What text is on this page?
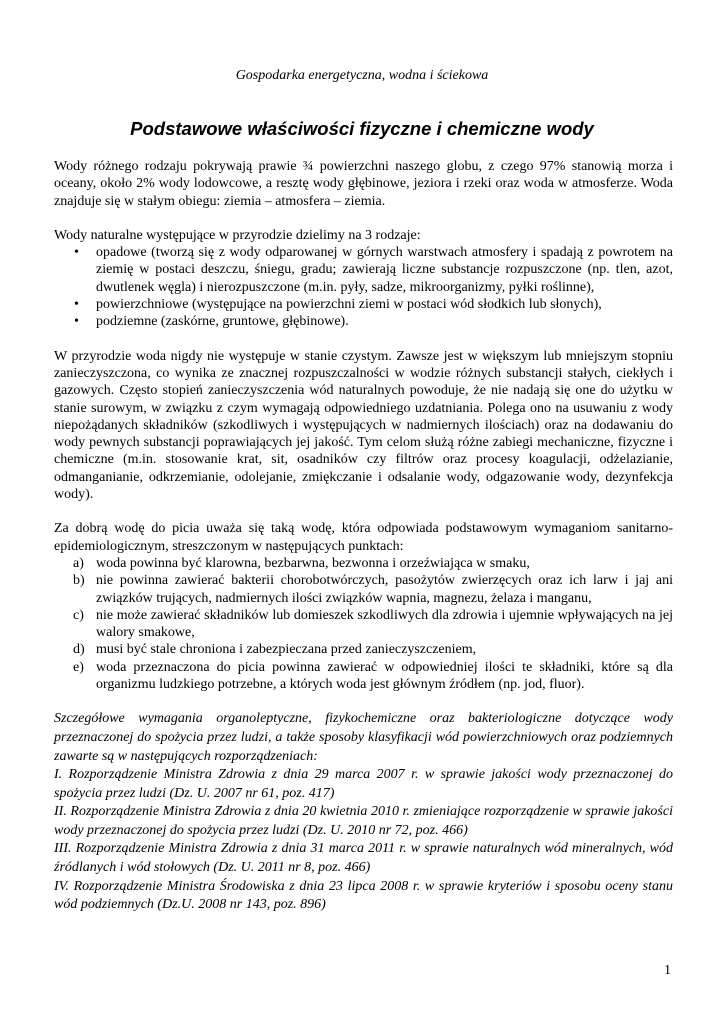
Gospodarka energetyczna, wodna i ściekowa
Podstawowe właściwości fizyczne i chemiczne wody

Wody różnego rodzaju pokrywają prawie ¾ powierzchni naszego globu, z czego 97% stanowią morza i oceany, około 2% wody lodowcowe, a resztę wody głębinowe, jeziora i rzeki oraz woda w atmosferze. Woda znajduje się w stałym obiegu: ziemia – atmosfera – ziemia.

Wody naturalne występujące w przyrodzie dzielimy na 3 rodzaje:

• opadowe (tworzą się z wody odparowanej w górnych warstwach atmosfery i spadają z powrotem na ziemię w postaci deszczu, śniegu, gradu; zawierają liczne substancje rozpuszczone (np. tlen, azot, dwutlenek węgla) i nierozpuszczone (m.in. pyły, sadze, mikroorganizmy, pyłki roślinne),
• powierzchniowe (występujące na powierzchni ziemi w postaci wód słodkich lub słonych),
• podziemne (zaskórne, gruntowe, głębinowe).

W przyrodzie woda nigdy nie występuje w stanie czystym. Zawsze jest w większym lub mniejszym stopniu zanieczyszczona, co wynika ze znacznej rozpuszczalności w wodzie różnych substancji stałych, ciekłych i gazowych. Często stopień zanieczyszczenia wód naturalnych powoduje, że nie nadają się one do użytku w stanie surowym, w związku z czym wymagają odpowiedniego uzdatniania. Polega ono na usuwaniu z wody niepożądanych składników (szkodliwych i występujących w nadmiernych ilościach) oraz na dodawaniu do wody pewnych substancji poprawiających jej jakość. Tym celom służą różne zabiegi mechaniczne, fizyczne i chemiczne (m.in. stosowanie krat, sit, osadników czy filtrów oraz procesy koagulacji, odżelazianie, odmanganianie, odkrzemianie, odolejanie, zmiękczanie i odsalanie wody, odgazowanie wody, dezynfekcja wody).

Za dobrą wodę do picia uważa się taką wodę, która odpowiada podstawowym wymaganiom sanitarno-epidemiologicznym, streszczonym w następujących punktach:

a) woda powinna być klarowna, bezbarwna, bezwonna i orzeźwiająca w smaku,
b) nie powinna zawierać bakterii chorobotwórczych, pasożytów zwierzęcych oraz ich larw i jaj ani związków trujących, nadmiernych ilości związków wapnia, magnezu, żelaza i manganu,
c) nie może zawierać składników lub domieszek szkodliwych dla zdrowia i ujemnie wpływających na jej walory smakowe,
d) musi być stale chroniona i zabezpieczana przed zanieczyszczeniem,
e) woda przeznaczona do picia powinna zawierać w odpowiedniej ilości te składniki, które są dla organizmu ludzkiego potrzebne, a których woda jest głównym źródłem (np. jod, fluor).

Szczegółowe wymagania organoleptyczne, fizykochemiczne oraz bakteriologiczne dotyczące wody przeznaczonej do spożycia przez ludzi, a także sposoby klasyfikacji wód powierzchniowych oraz podziemnych zawarte są w następujących rozporządzeniach:

I. Rozporządzenie Ministra Zdrowia z dnia 29 marca 2007 r. w sprawie jakości wody przeznaczonej do spożycia przez ludzi (Dz. U. 2007 nr 61, poz. 417)

II. Rozporządzenie Ministra Zdrowia z dnia 20 kwietnia 2010 r. zmieniające rozporządzenie w sprawie jakości wody przeznaczonej do spożycia przez ludzi (Dz. U. 2010 nr 72, poz. 466)

III. Rozporządzenie Ministra Zdrowia z dnia 31 marca 2011 r. w sprawie naturalnych wód mineralnych, wód źródlanych i wód stołowych (Dz. U. 2011 nr 8, poz. 466)

IV. Rozporządzenie Ministra Środowiska z dnia 23 lipca 2008 r. w sprawie kryteriów i sposobu oceny stanu wód podziemnych (Dz.U. 2008 nr 143, poz. 896)

1
